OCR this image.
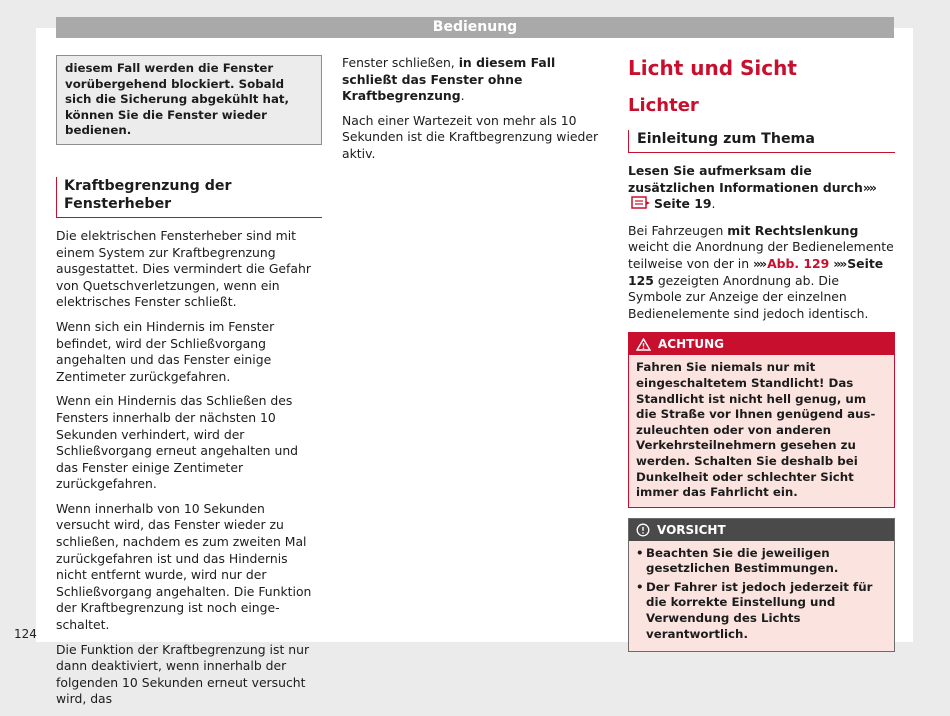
Bedienung
diesem Fall werden die Fenster vorübergehend blockiert. Sobald sich die Sicherung abgekühlt hat, können Sie die Fenster wieder bedienen.
Kraftbegrenzung der Fensterheber

Die elektrischen Fensterheber sind mit einem System zur Kraftbegrenzung ausgestattet. Dies vermindert die Gefahr von Quetschverletzungen, wenn ein elektrisches Fenster schließt.

Wenn sich ein Hindernis im Fenster befindet, wird der Schließvorgang angehalten und das Fenster einige Zentimeter zurückgefahren.

Wenn ein Hindernis das Schließen des Fensters innerhalb der nächsten 10 Sekunden verhindert, wird der Schließvorgang erneut angehalten und das Fenster einige Zentimeter zurückgefahren.

Wenn innerhalb von 10 Sekunden versucht wird, das Fenster wieder zu schließen, nachdem es zum zweiten Mal zurückgefahren ist und das Hindernis nicht entfernt wurde, wird nur der Schließvorgang angehalten. Die Funktion der Kraftbegrenzung ist noch eingeschaltet.

Die Funktion der Kraftbegrenzung ist nur dann deaktiviert, wenn innerhalb der folgenden 10 Sekunden erneut versucht wird, das

Fenster schließen, in diesem Fall schließt das Fenster ohne Kraftbegrenzung.

Nach einer Wartezeit von mehr als 10 Sekunden ist die Kraftbegrenzung wieder aktiv.

Licht und Sicht
Lichter
Einleitung zum Thema

Lesen Sie aufmerksam die zusätzlichen Informationen durch»»Seite 19.

Bei Fahrzeugen mit Rechtslenkung weicht die Anordnung der Bedienelemente teilweise von der in »» Abb. 129 »» Seite 125 gezeigten Anordnung ab. Die Symbole zur Anzeige der einzelnen Bedienelemente sind jedoch identisch.

ACHTUNG
Fahren Sie niemals nur mit eingeschaltetem Standlicht! Das Standlicht ist nicht hell genug, um die Straße vor Ihnen genügend auszuleuchten oder von anderen Verkehrsteilnehmern gesehen zu werden. Schalten Sie deshalb bei Dunkelheit oder schlechter Sicht immer das Fahrlicht ein.
VORSICHT
• Beachten Sie die jeweiligen gesetzlichen Bestimmungen.
• Der Fahrer ist jedoch jederzeit für die korrekte Einstellung und Verwendung des Lichts verantwortlich.
124
